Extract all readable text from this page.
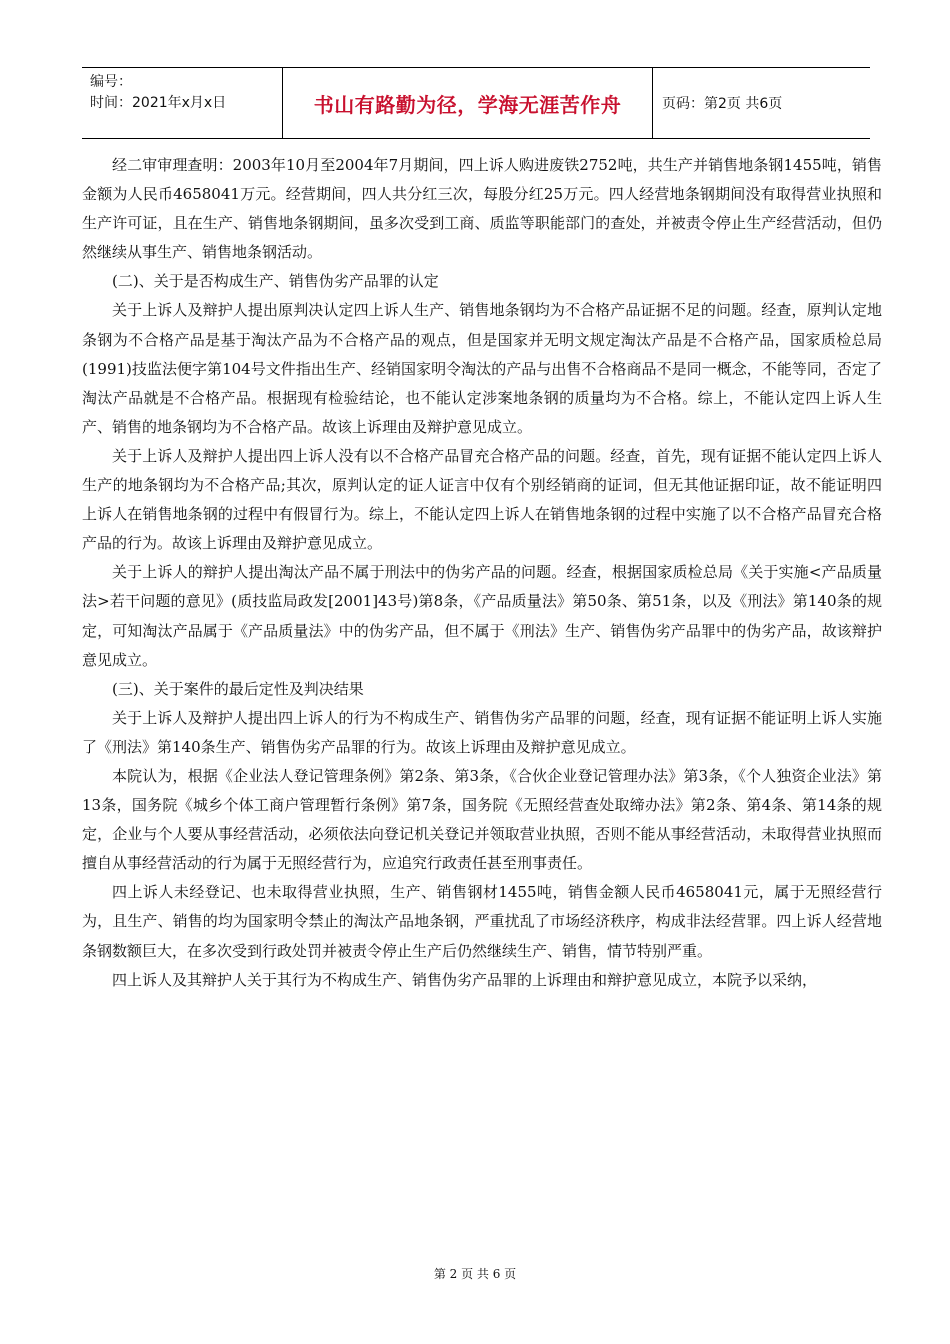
编号：
时间：2021年x月x日	书山有路勤为径，学海无涯苦作舟	页码：第2页 共6页

经二审审理查明：2003年10月至2004年7月期间，四上诉人购进废铁2752吨，共生产并销售地条钢1455吨，销售金额为人民币4658041万元。经营期间，四人共分红三次，每股分红25万元。四人经营地条钢期间没有取得营业执照和生产许可证，且在生产、销售地条钢期间，虽多次受到工商、质监等职能部门的查处，并被责令停止生产经营活动，但仍然继续从事生产、销售地条钢活动。

(二)、关于是否构成生产、销售伪劣产品罪的认定

关于上诉人及辩护人提出原判决认定四上诉人生产、销售地条钢均为不合格产品证据不足的问题。经查，原判认定地条钢为不合格产品是基于淘汰产品为不合格产品的观点，但是国家并无明文规定淘汰产品是不合格产品，国家质检总局(1991)技监法便字第104号文件指出生产、经销国家明令淘汰的产品与出售不合格商品不是同一概念，不能等同，否定了淘汰产品就是不合格产品。根据现有检验结论，也不能认定涉案地条钢的质量均为不合格。综上，不能认定四上诉人生产、销售的地条钢均为不合格产品。故该上诉理由及辩护意见成立。

关于上诉人及辩护人提出四上诉人没有以不合格产品冒充合格产品的问题。经查，首先，现有证据不能认定四上诉人生产的地条钢均为不合格产品;其次，原判认定的证人证言中仅有个别经销商的证词，但无其他证据印证，故不能证明四上诉人在销售地条钢的过程中有假冒行为。综上，不能认定四上诉人在销售地条钢的过程中实施了以不合格产品冒充合格产品的行为。故该上诉理由及辩护意见成立。

关于上诉人的辩护人提出淘汰产品不属于刑法中的伪劣产品的问题。经查，根据国家质检总局《关于实施<产品质量法>若干问题的意见》(质技监局政发[2001]43号)第8条，《产品质量法》第50条、第51条，以及《刑法》第140条的规定，可知淘汰产品属于《产品质量法》中的伪劣产品，但不属于《刑法》生产、销售伪劣产品罪中的伪劣产品，故该辩护意见成立。

(三)、关于案件的最后定性及判决结果

关于上诉人及辩护人提出四上诉人的行为不构成生产、销售伪劣产品罪的问题，经查，现有证据不能证明上诉人实施了《刑法》第140条生产、销售伪劣产品罪的行为。故该上诉理由及辩护意见成立。

本院认为，根据《企业法人登记管理条例》第2条、第3条，《合伙企业登记管理办法》第3条，《个人独资企业法》第13条，国务院《城乡个体工商户管理暂行条例》第7条，国务院《无照经营查处取缔办法》第2条、第4条、第14条的规定，企业与个人要从事经营活动，必须依法向登记机关登记并领取营业执照，否则不能从事经营活动，未取得营业执照而擅自从事经营活动的行为属于无照经营行为，应追究行政责任甚至刑事责任。

四上诉人未经登记、也未取得营业执照，生产、销售钢材1455吨，销售金额人民币4658041元，属于无照经营行为，且生产、销售的均为国家明令禁止的淘汰产品地条钢，严重扰乱了市场经济秩序，构成非法经营罪。四上诉人经营地条钢数额巨大，在多次受到行政处罚并被责令停止生产后仍然继续生产、销售，情节特别严重。

四上诉人及其辩护人关于其行为不构成生产、销售伪劣产品罪的上诉理由和辩护意见成立，本院予以采纳，

第 2 页 共 6 页
